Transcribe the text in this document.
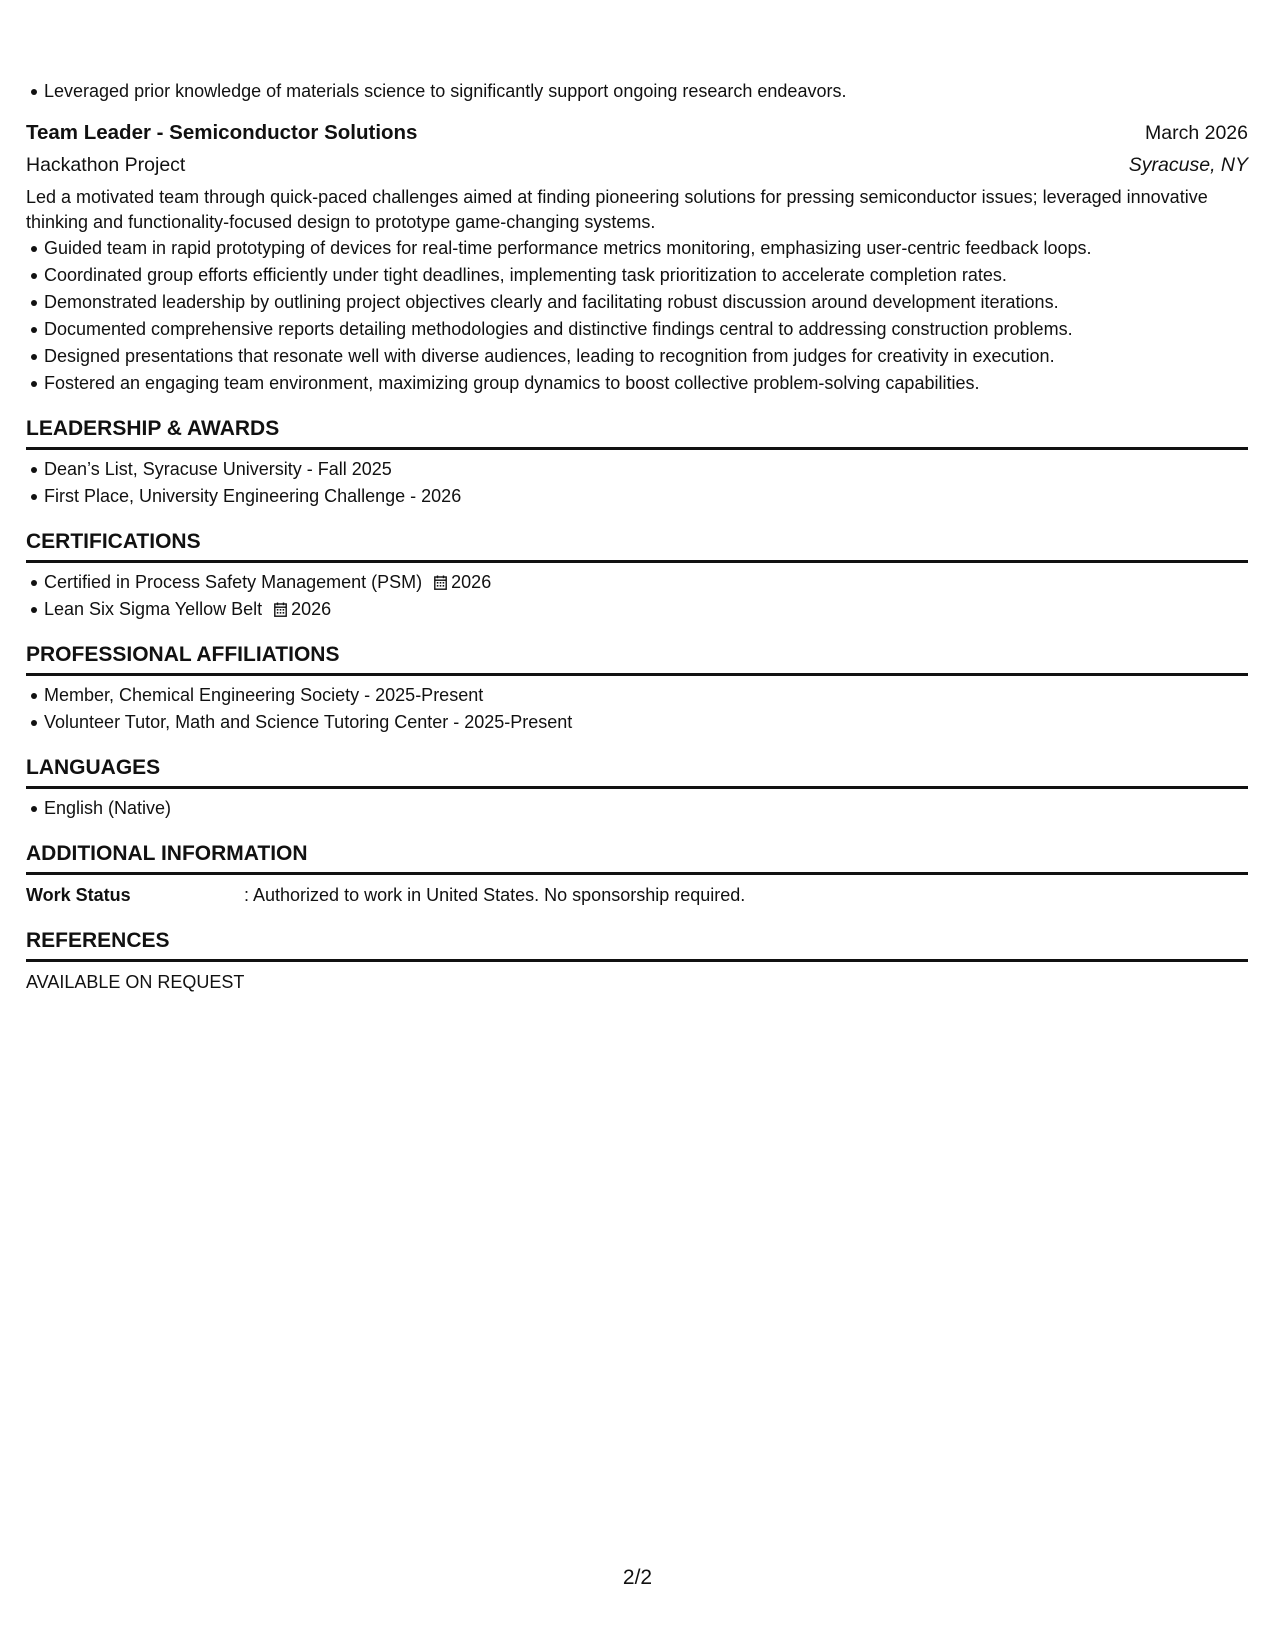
Leveraged prior knowledge of materials science to significantly support ongoing research endeavors.
Team Leader - Semiconductor Solutions	March 2026
Hackathon Project	Syracuse, NY

Led a motivated team through quick-paced challenges aimed at finding pioneering solutions for pressing semiconductor issues; leveraged innovative thinking and functionality-focused design to prototype game-changing systems.

Guided team in rapid prototyping of devices for real-time performance metrics monitoring, emphasizing user-centric feedback loops.
Coordinated group efforts efficiently under tight deadlines, implementing task prioritization to accelerate completion rates.
Demonstrated leadership by outlining project objectives clearly and facilitating robust discussion around development iterations.
Documented comprehensive reports detailing methodologies and distinctive findings central to addressing construction problems.
Designed presentations that resonate well with diverse audiences, leading to recognition from judges for creativity in execution.
Fostered an engaging team environment, maximizing group dynamics to boost collective problem-solving capabilities.
LEADERSHIP & AWARDS
Dean’s List, Syracuse University - Fall 2025
First Place, University Engineering Challenge - 2026
CERTIFICATIONS
Certified in Process Safety Management (PSM) 2026
Lean Six Sigma Yellow Belt 2026
PROFESSIONAL AFFILIATIONS
Member, Chemical Engineering Society - 2025-Present
Volunteer Tutor, Math and Science Tutoring Center - 2025-Present
LANGUAGES
English (Native)
ADDITIONAL INFORMATION
Work Status	: Authorized to work in United States. No sponsorship required.
REFERENCES
AVAILABLE ON REQUEST
2/2
